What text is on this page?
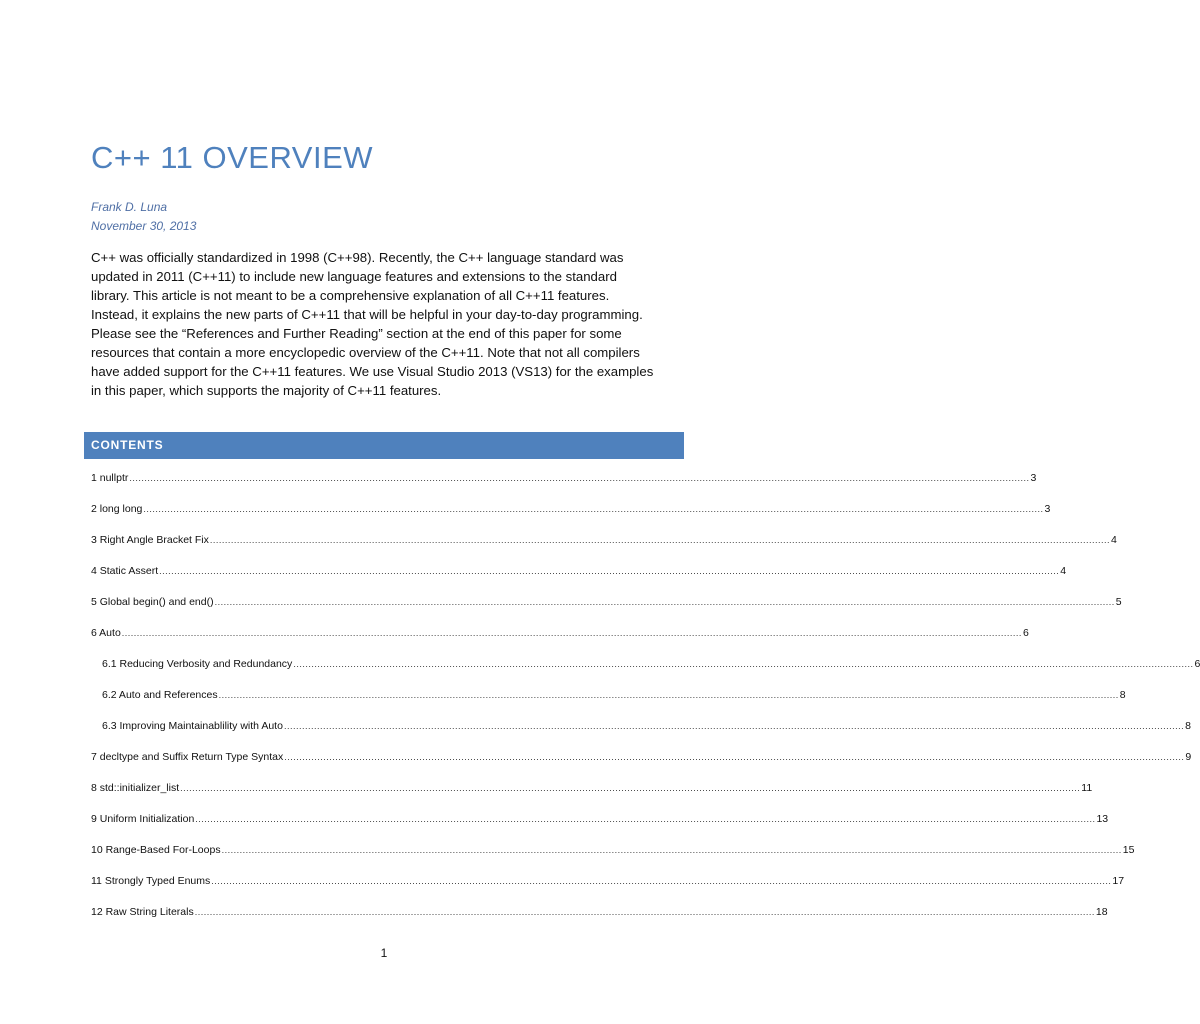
C++ 11 OVERVIEW
Frank D. Luna
November 30, 2013
C++ was officially standardized in 1998 (C++98). Recently, the C++ language standard was
updated in 2011 (C++11) to include new language features and extensions to the standard
library. This article is not meant to be a comprehensive explanation of all C++11 features.
Instead, it explains the new parts of C++11 that will be helpful in your day-to-day programming.
Please see the “References and Further Reading” section at the end of this paper for some
resources that contain a more encyclopedic overview of the C++11. Note that not all compilers
have added support for the C++11 features. We use Visual Studio 2013 (VS13) for the examples
in this paper, which supports the majority of C++11 features.
CONTENTS
1 nullptr ............................................................................................................................................................................................................................................................................................................ 3
2 long long ............................................................................................................................................................................................................................................................................................................ 3
3 Right Angle Bracket Fix ............................................................................................................................................................................................................................................................................................................ 4
4 Static Assert ............................................................................................................................................................................................................................................................................................................ 4
5 Global begin() and end() ............................................................................................................................................................................................................................................................................................................ 5
6 Auto ............................................................................................................................................................................................................................................................................................................ 6
6.1 Reducing Verbosity and Redundancy ............................................................................................................................................................................................................................................................................................................ 6
6.2 Auto and References ............................................................................................................................................................................................................................................................................................................ 8
6.3 Improving Maintainablility with Auto ............................................................................................................................................................................................................................................................................................................ 8
7 decltype and Suffix Return Type Syntax ............................................................................................................................................................................................................................................................................................................ 9
8 std::initializer_list ............................................................................................................................................................................................................................................................................................................ 11
9 Uniform Initialization ............................................................................................................................................................................................................................................................................................................ 13
10 Range-Based For-Loops ............................................................................................................................................................................................................................................................................................................ 15
11 Strongly Typed Enums ............................................................................................................................................................................................................................................................................................................ 17
12 Raw String Literals ............................................................................................................................................................................................................................................................................................................ 18
1
